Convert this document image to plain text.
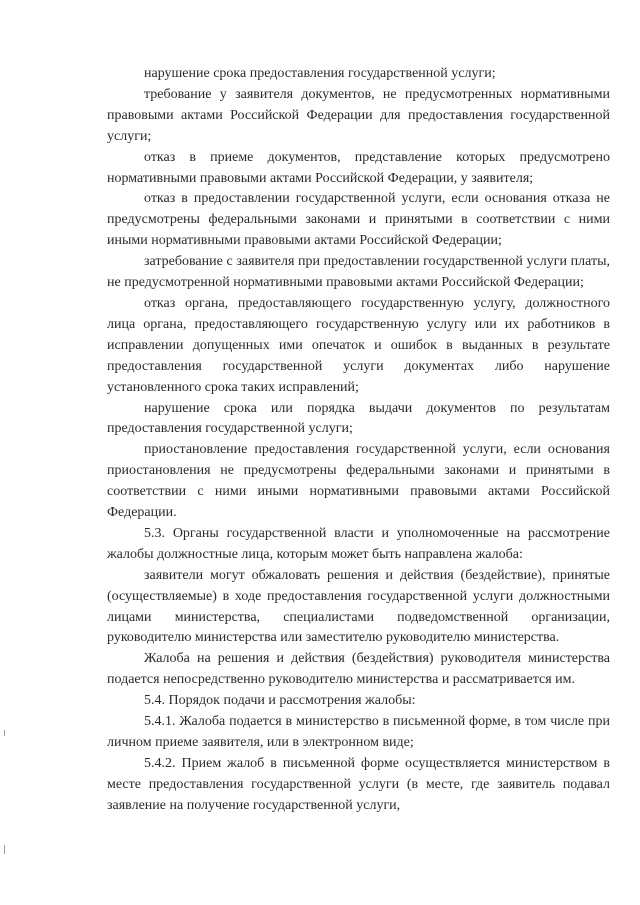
нарушение срока предоставления государственной услуги;

требование у заявителя документов, не предусмотренных нормативными правовыми актами Российской Федерации для предоставления государственной услуги;

отказ в приеме документов, представление которых предусмотрено нормативными правовыми актами Российской Федерации, у заявителя;

отказ в предоставлении государственной услуги, если основания отказа не предусмотрены федеральными законами и принятыми в соответствии с ними иными нормативными правовыми актами Российской Федерации;

затребование с заявителя при предоставлении государственной услуги платы, не предусмотренной нормативными правовыми актами Российской Федерации;

отказ органа, предоставляющего государственную услугу, должностного лица органа, предоставляющего государственную услугу или их работников в исправлении допущенных ими опечаток и ошибок в выданных в результате предоставления государственной услуги документах либо нарушение установленного срока таких исправлений;

нарушение срока или порядка выдачи документов по результатам предоставления государственной услуги;

приостановление предоставления государственной услуги, если основания приостановления не предусмотрены федеральными законами и принятыми в соответствии с ними иными нормативными правовыми актами Российской Федерации.

5.3. Органы государственной власти и уполномоченные на рассмотрение жалобы должностные лица, которым может быть направлена жалоба:

заявители могут обжаловать решения и действия (бездействие), принятые (осуществляемые) в ходе предоставления государственной услуги должностными лицами министерства, специалистами подведомственной организации, руководителю министерства или заместителю руководителю министерства.

Жалоба на решения и действия (бездействия) руководителя министерства подается непосредственно руководителю министерства и рассматривается им.

5.4. Порядок подачи и рассмотрения жалобы:

5.4.1. Жалоба подается в министерство в письменной форме, в том числе при личном приеме заявителя, или в электронном виде;

5.4.2. Прием жалоб в письменной форме осуществляется министерством в месте предоставления государственной услуги (в месте, где заявитель подавал заявление на получение государственной услуги,
